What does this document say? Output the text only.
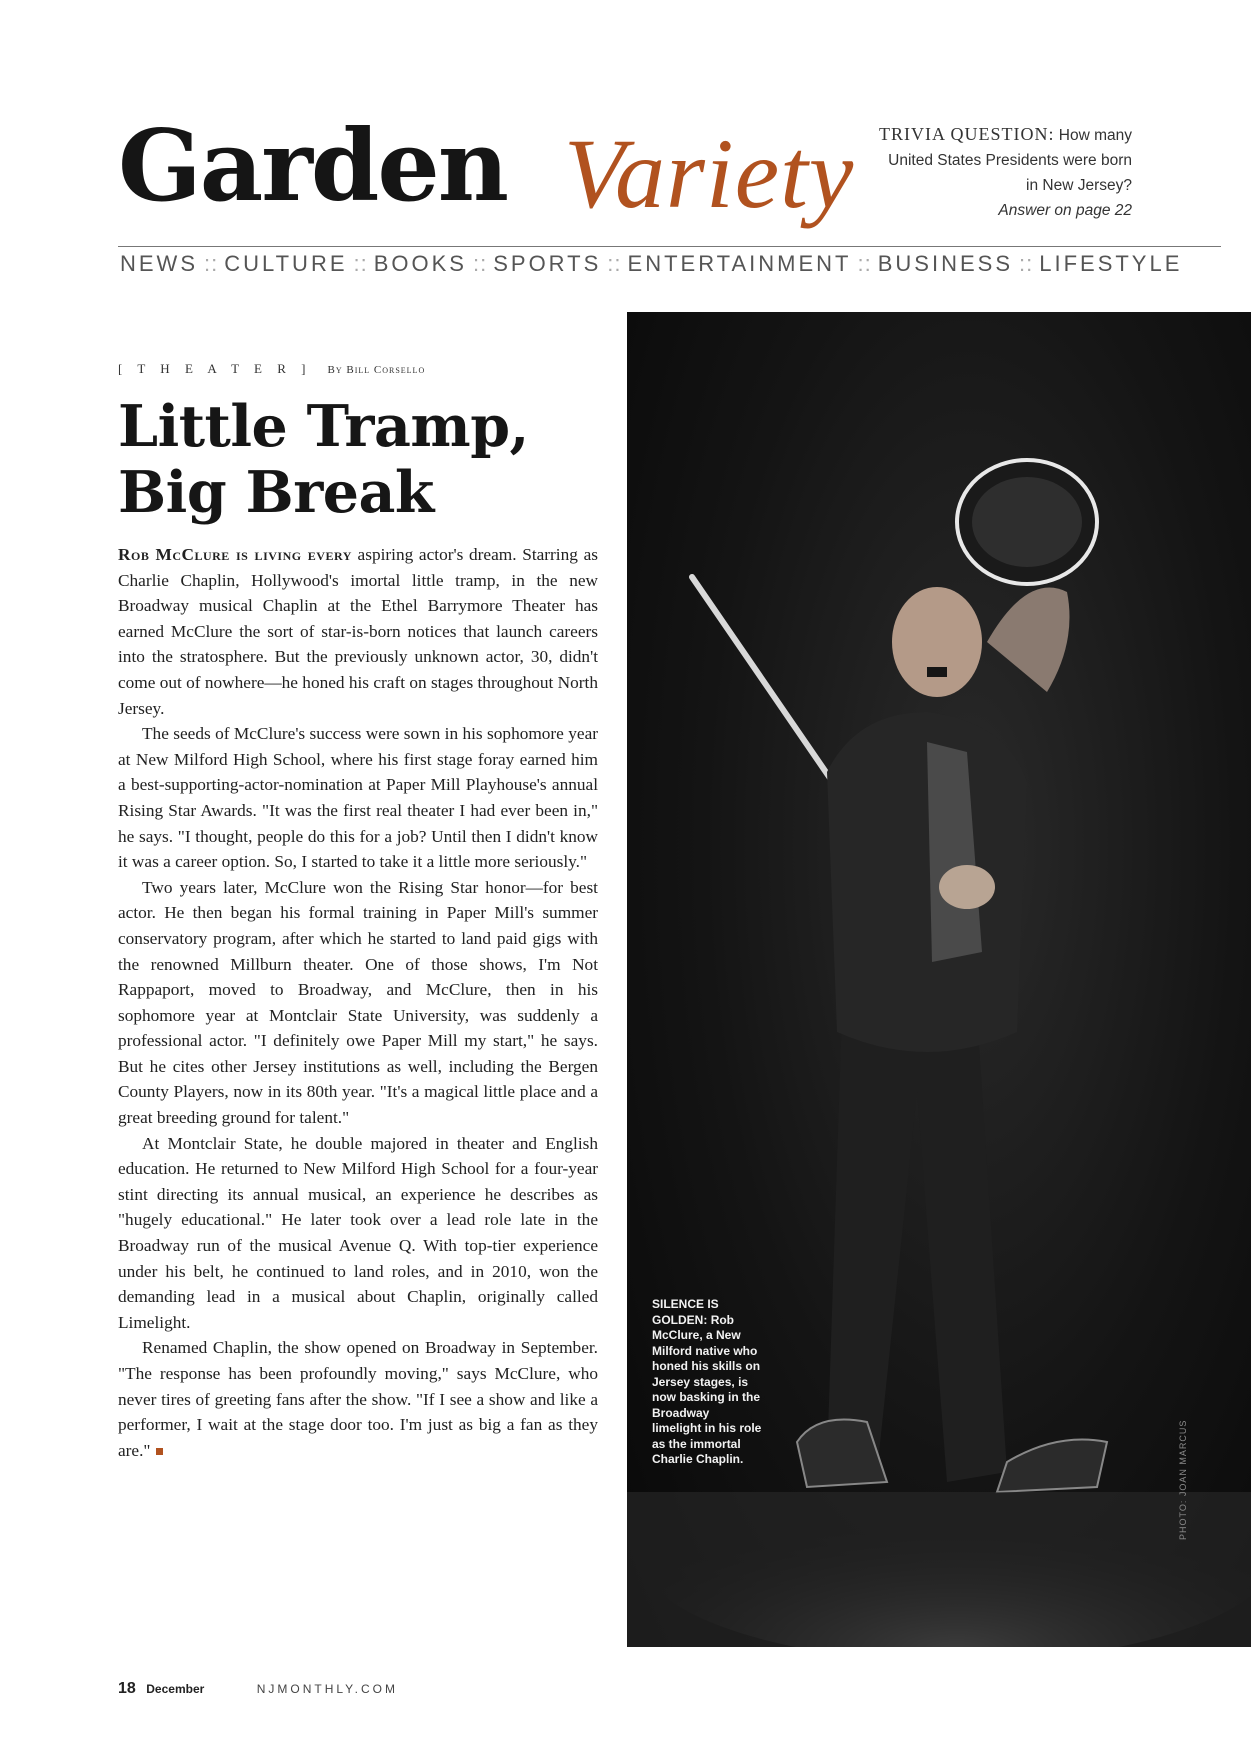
Garden Variety	TRIVIA QUESTION: How many United States Presidents were born in New Jersey?
Answer on page 22
NEWS :: CULTURE :: BOOKS :: SPORTS :: ENTERTAINMENT :: BUSINESS :: LIFESTYLE
[ T H E A T E R ] By Bill Corsello
Little Tramp,
Big Break

Rob McClure is living every aspiring actor's dream. Starring as Charlie Chaplin, Hollywood's imortal little tramp, in the new Broadway musical Chaplin at the Ethel Barrymore Theater has earned McClure the sort of star-is-born notices that launch careers into the stratosphere. But the previously unknown actor, 30, didn't come out of nowhere—he honed his craft on stages throughout North Jersey.

The seeds of McClure's success were sown in his sophomore year at New Milford High School, where his first stage foray earned him a best-supporting-actor-nomination at Paper Mill Playhouse's annual Rising Star Awards. "It was the first real theater I had ever been in," he says. "I thought, people do this for a job? Until then I didn't know it was a career option. So, I started to take it a little more seriously."

Two years later, McClure won the Rising Star honor—for best actor. He then began his formal training in Paper Mill's summer conservatory program, after which he started to land paid gigs with the renowned Millburn theater. One of those shows, I'm Not Rappaport, moved to Broadway, and McClure, then in his sophomore year at Montclair State University, was suddenly a professional actor. "I definitely owe Paper Mill my start," he says. But he cites other Jersey institutions as well, including the Bergen County Players, now in its 80th year. "It's a magical little place and a great breeding ground for talent."

At Montclair State, he double majored in theater and English education. He returned to New Milford High School for a four-year stint directing its annual musical, an experience he describes as "hugely educational." He later took over a lead role late in the Broadway run of the musical Avenue Q. With top-tier experience under his belt, he continued to land roles, and in 2010, won the demanding lead in a musical about Chaplin, originally called Limelight.

Renamed Chaplin, the show opened on Broadway in September. "The response has been profoundly moving," says McClure, who never tires of greeting fans after the show. "If I see a show and like a performer, I wait at the stage door too. I'm just as big a fan as they are."

SILENCE IS GOLDEN: Rob McClure, a New Milford native who honed his skills on Jersey stages, is now basking in the Broadway limelight in his role as the immortal Charlie Chaplin.	PHOTO: JOAN MARCUS
18 December	NJMONTHLY.COM
